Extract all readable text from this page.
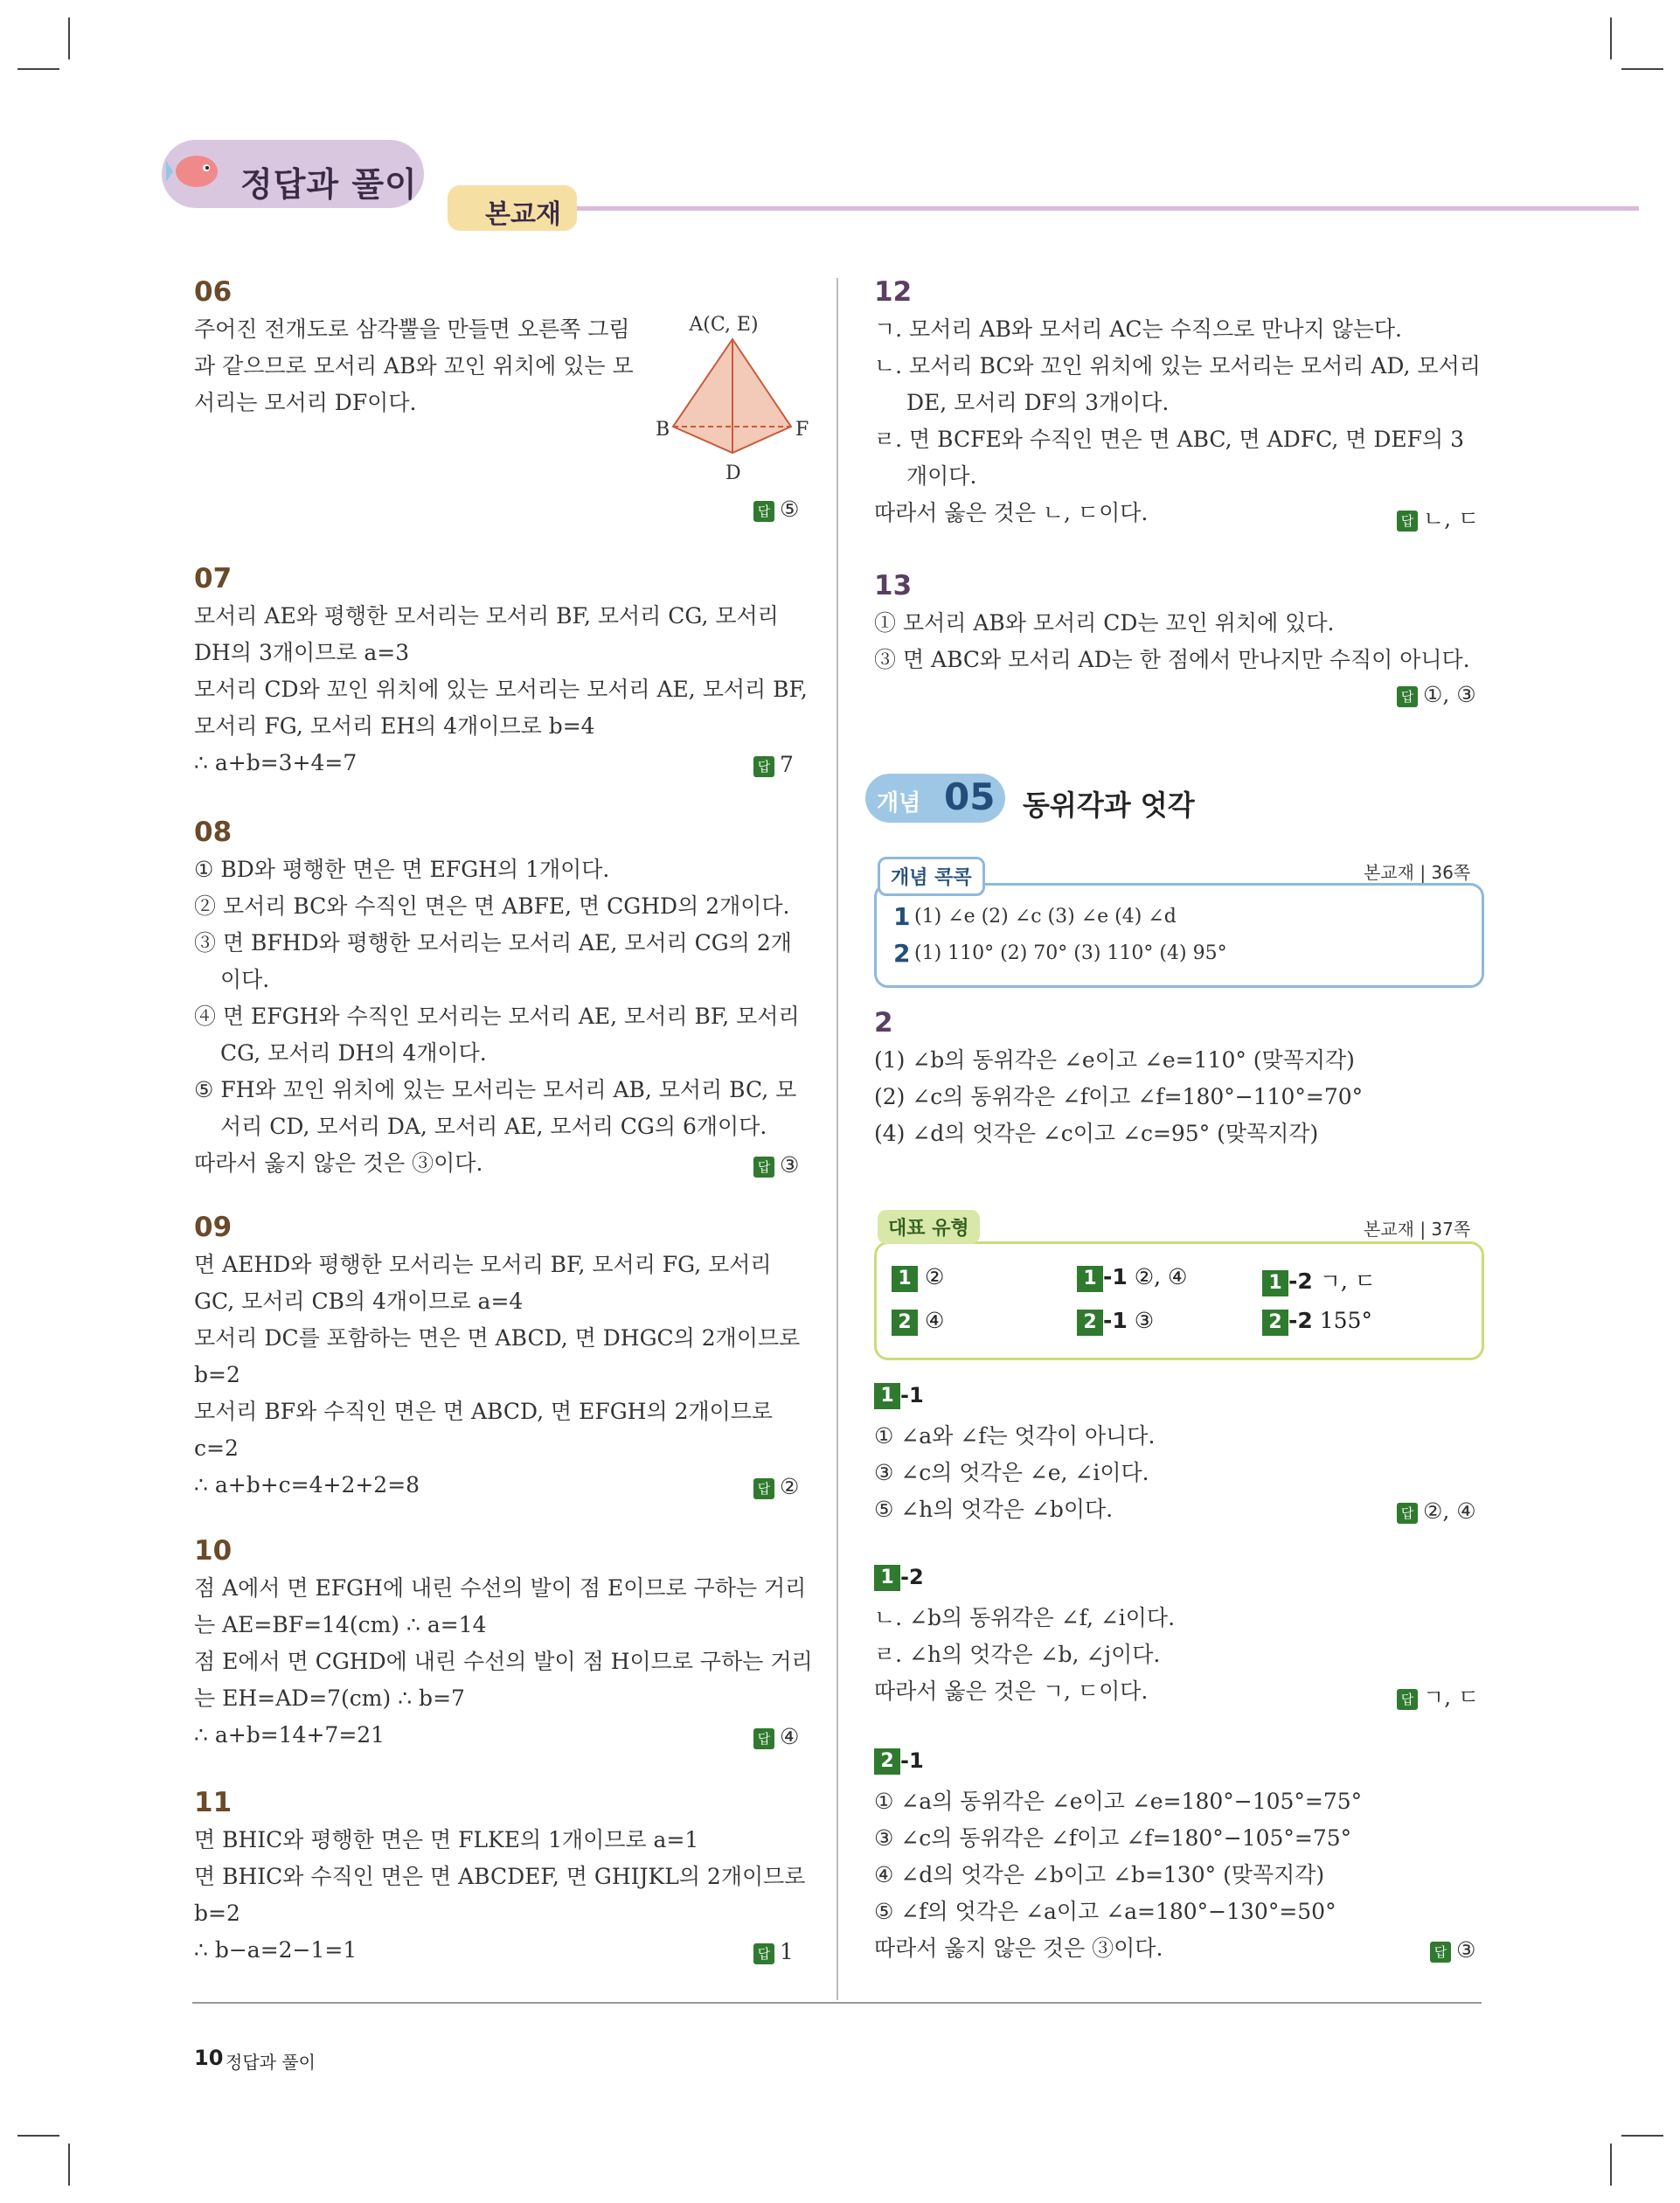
정답과 풀이
본교재
06
주어진 전개도로 삼각뿔을 만들면 오른쪽 그림
과 같으므로 모서리 AB와 꼬인 위치에 있는 모
서리는 모서리 DF이다.
A(C, E)
B	F
D
답 ⑤
07
모서리 AE와 평행한 모서리는 모서리 BF, 모서리 CG, 모서리
DH의 3개이므로 a=3
모서리 CD와 꼬인 위치에 있는 모서리는 모서리 AE, 모서리 BF,
모서리 FG, 모서리 EH의 4개이므로 b=4
∴ a+b=3+4=7	답 7
08
① BD와 평행한 면은 면 EFGH의 1개이다.
② 모서리 BC와 수직인 면은 면 ABFE, 면 CGHD의 2개이다.
③ 면 BFHD와 평행한 모서리는 모서리 AE, 모서리 CG의 2개
이다.
④ 면 EFGH와 수직인 모서리는 모서리 AE, 모서리 BF, 모서리
CG, 모서리 DH의 4개이다.
⑤ FH와 꼬인 위치에 있는 모서리는 모서리 AB, 모서리 BC, 모
서리 CD, 모서리 DA, 모서리 AE, 모서리 CG의 6개이다.
따라서 옳지 않은 것은 ③이다.	답 ③
09
면 AEHD와 평행한 모서리는 모서리 BF, 모서리 FG, 모서리
GC, 모서리 CB의 4개이므로 a=4
모서리 DC를 포함하는 면은 면 ABCD, 면 DHGC의 2개이므로
b=2
모서리 BF와 수직인 면은 면 ABCD, 면 EFGH의 2개이므로
c=2
∴ a+b+c=4+2+2=8	답 ②
10
점 A에서 면 EFGH에 내린 수선의 발이 점 E이므로 구하는 거리
는 AE=BF=14(cm) ∴ a=14
점 E에서 면 CGHD에 내린 수선의 발이 점 H이므로 구하는 거리
는 EH=AD=7(cm) ∴ b=7
∴ a+b=14+7=21	답 ④
11
면 BHIC와 평행한 면은 면 FLKE의 1개이므로 a=1
면 BHIC와 수직인 면은 면 ABCDEF, 면 GHIJKL의 2개이므로
b=2
∴ b−a=2−1=1	답 1
12
ㄱ. 모서리 AB와 모서리 AC는 수직으로 만나지 않는다.
ㄴ. 모서리 BC와 꼬인 위치에 있는 모서리는 모서리 AD, 모서리
DE, 모서리 DF의 3개이다.
ㄹ. 면 BCFE와 수직인 면은 면 ABC, 면 ADFC, 면 DEF의 3
개이다.
따라서 옳은 것은 ㄴ, ㄷ이다.	답 ㄴ, ㄷ
13
① 모서리 AB와 모서리 CD는 꼬인 위치에 있다.
③ 면 ABC와 모서리 AD는 한 점에서 만나지만 수직이 아니다.
답 ①, ③
개념 05 동위각과 엇각
개념 콕콕	본교재 | 36쪽
1 (1) ∠e (2) ∠c (3) ∠e (4) ∠d
2 (1) 110° (2) 70° (3) 110° (4) 95°
2
(1) ∠b의 동위각은 ∠e이고 ∠e=110° (맞꼭지각)
(2) ∠c의 동위각은 ∠f이고 ∠f=180°−110°=70°
(4) ∠d의 엇각은 ∠c이고 ∠c=95° (맞꼭지각)
대표 유형	본교재 | 37쪽
1 ②	1 -1 ②, ④	1 -2 ㄱ, ㄷ
2 ④	2 -1 ③	2 -2 155°
1 -1
① ∠a와 ∠f는 엇각이 아니다.
③ ∠c의 엇각은 ∠e, ∠i이다.
⑤ ∠h의 엇각은 ∠b이다.	답 ②, ④
1 -2
ㄴ. ∠b의 동위각은 ∠f, ∠i이다.
ㄹ. ∠h의 엇각은 ∠b, ∠j이다.
따라서 옳은 것은 ㄱ, ㄷ이다.	답 ㄱ, ㄷ
2 -1
① ∠a의 동위각은 ∠e이고 ∠e=180°−105°=75°
③ ∠c의 동위각은 ∠f이고 ∠f=180°−105°=75°
④ ∠d의 엇각은 ∠b이고 ∠b=130° (맞꼭지각)
⑤ ∠f의 엇각은 ∠a이고 ∠a=180°−130°=50°
따라서 옳지 않은 것은 ③이다.	답 ③
10 정답과 풀이
